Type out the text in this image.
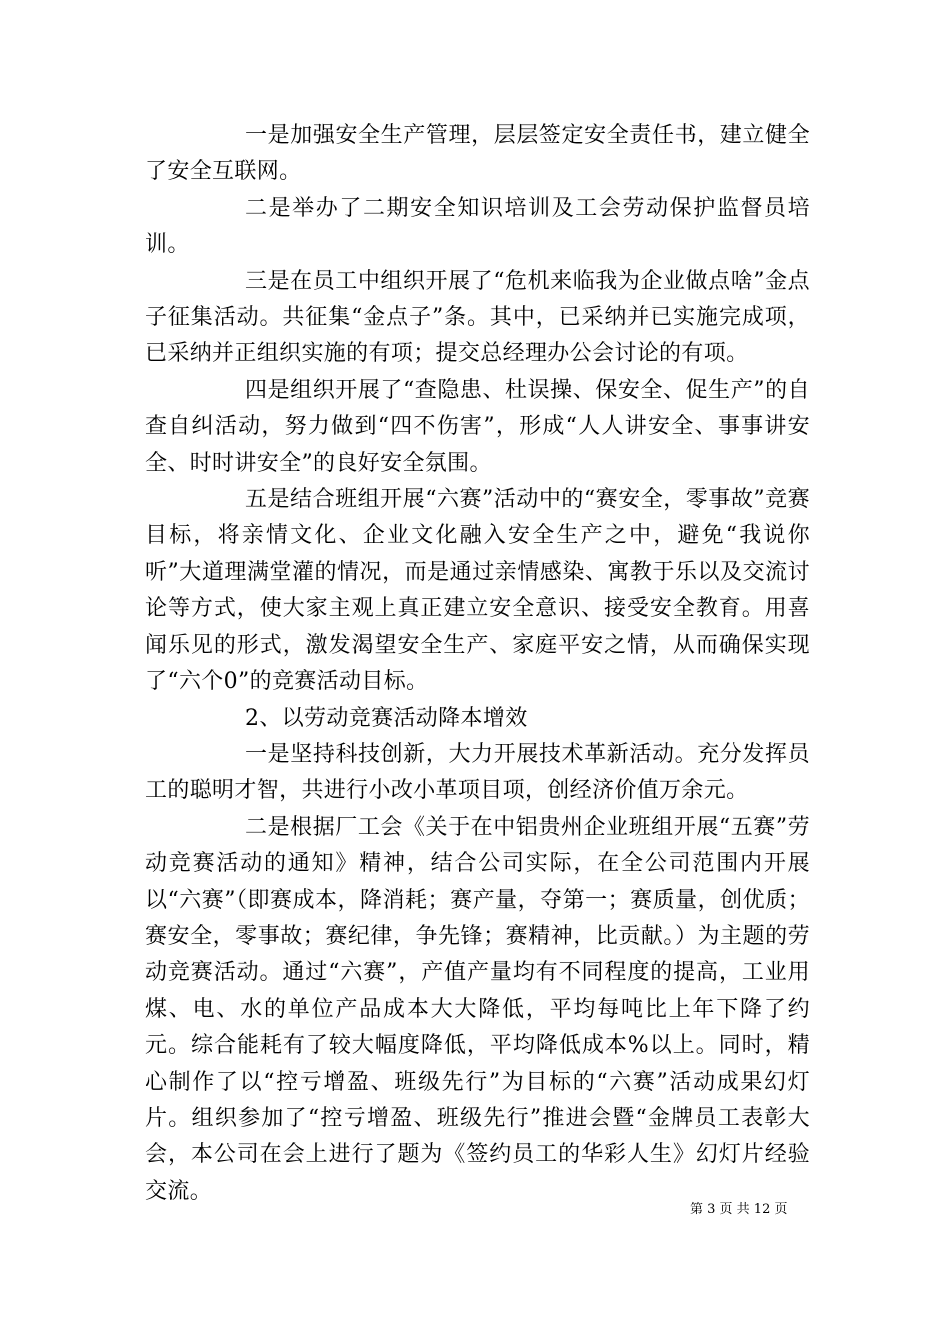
一是加强安全生产管理，层层签定安全责任书，建立健全了安全互联网。

二是举办了二期安全知识培训及工会劳动保护监督员培训。

三是在员工中组织开展了“危机来临我为企业做点啥”金点子征集活动。共征集“金点子”条。其中，已采纳并已实施完成项，已采纳并正组织实施的有项；提交总经理办公会讨论的有项。

四是组织开展了“查隐患、杜误操、保安全、促生产”的自查自纠活动，努力做到“四不伤害”，形成“人人讲安全、事事讲安全、时时讲安全”的良好安全氛围。

五是结合班组开展“六赛”活动中的“赛安全，零事故”竞赛目标，将亲情文化、企业文化融入安全生产之中，避免“我说你听”大道理满堂灌的情况，而是通过亲情感染、寓教于乐以及交流讨论等方式，使大家主观上真正建立安全意识、接受安全教育。用喜闻乐见的形式，激发渴望安全生产、家庭平安之情，从而确保实现了“六个0”的竞赛活动目标。

2、以劳动竞赛活动降本增效

一是坚持科技创新，大力开展技术革新活动。充分发挥员工的聪明才智，共进行小改小革项目项，创经济价值万余元。

二是根据厂工会《关于在中铝贵州企业班组开展“五赛”劳动竞赛活动的通知》精神，结合公司实际，在全公司范围内开展以“六赛”（即赛成本，降消耗；赛产量，夺第一；赛质量，创优质；赛安全，零事故；赛纪律，争先锋；赛精神，比贡献。）为主题的劳动竞赛活动。通过“六赛”，产值产量均有不同程度的提高，工业用煤、电、水的单位产品成本大大降低，平均每吨比上年下降了约元。综合能耗有了较大幅度降低，平均降低成本%以上。同时，精心制作了以“控亏增盈、班级先行”为目标的“六赛”活动成果幻灯片。组织参加了“控亏增盈、班级先行”推进会暨“金牌员工表彰大会，本公司在会上进行了题为《签约员工的华彩人生》幻灯片经验交流。

第 3 页 共 12 页
